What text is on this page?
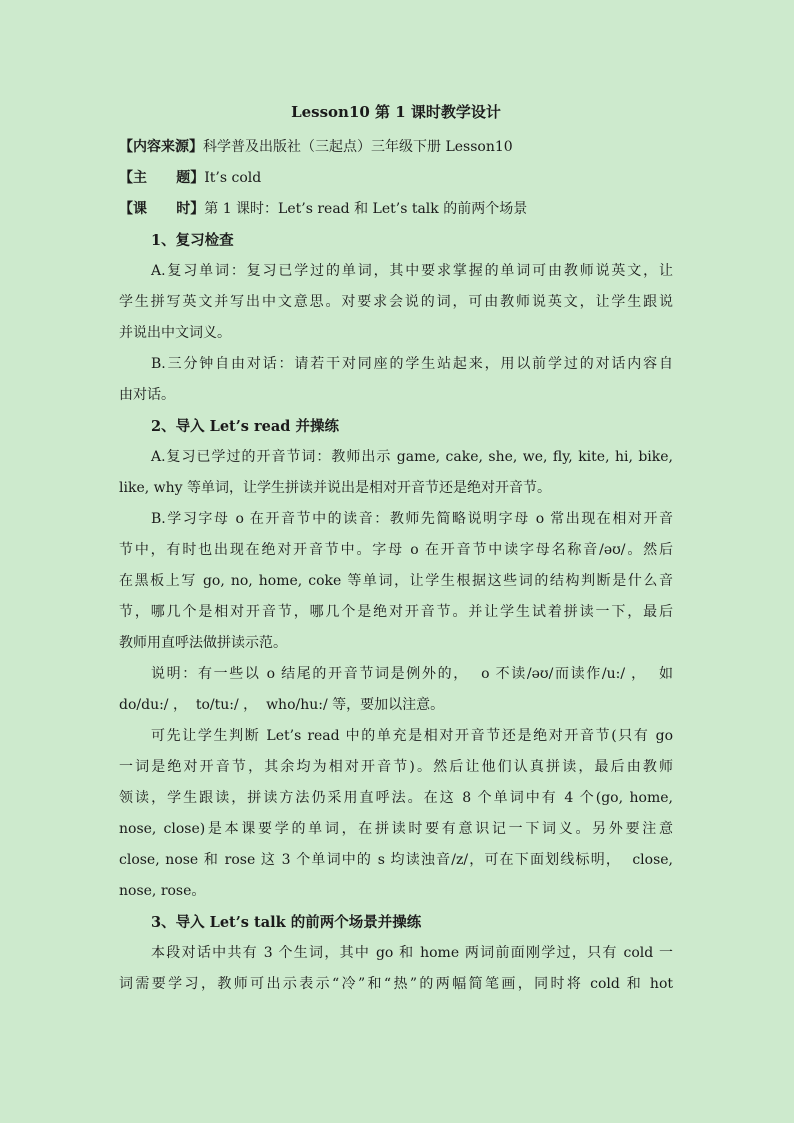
Lesson10 第 1 课时教学设计
【内容来源】科学普及出版社（三起点）三年级下册 Lesson10
【主      题】It’s cold
【课      时】第 1 课时：Let’s read 和 Let’s talk 的前两个场景
1、复习检查
A.复习单词：复习已学过的单词，其中要求掌握的单词可由教师说英文，让
学生拼写英文并写出中文意思。对要求会说的词，可由教师说英文，让学生跟说
并说出中文词义。
B.三分钟自由对话：请若干对同座的学生站起来，用以前学过的对话内容自
由对话。
2、导入 Let’s read 并操练
A.复习已学过的开音节词：教师出示 game, cake, she, we, fly, kite, hi, bike,
like, why 等单词，让学生拼读并说出是相对开音节还是绝对开音节。
B.学习字母 o 在开音节中的读音：教师先简略说明字母 o 常出现在相对开音
节中，有时也出现在绝对开音节中。字母 o 在开音节中读字母名称音/əʊ/。然后
在黑板上写 go, no, home, coke 等单词，让学生根据这些词的结构判断是什么音
节，哪几个是相对开音节，哪几个是绝对开音节。并让学生试着拼读一下，最后
教师用直呼法做拼读示范。
说明：有一些以 o 结尾的开音节词是例外的，  o 不读/əʊ/而读作/u:/ ，  如
do/du:/ ，  to/tu:/ ，  who/hu:/ 等，要加以注意。
可先让学生判断 Let’s read 中的单充是相对开音节还是绝对开音节(只有 go
一词是绝对开音节，其余均为相对开音节)。然后让他们认真拼读，最后由教师
领读，学生跟读，拼读方法仍采用直呼法。在这 8 个单词中有 4 个(go, home,
nose, close)是本课要学的单词，在拼读时要有意识记一下词义。另外要注意
close, nose 和 rose 这 3 个单词中的 s 均读浊音/z/，可在下面划线标明，  close,
nose, rose。
3、导入 Let’s talk 的前两个场景并操练
本段对话中共有 3 个生词，其中 go 和 home 两词前面刚学过，只有 cold 一
词需要学习，教师可出示表示“冷”和“热”的两幅简笔画，同时将 cold 和 hot
